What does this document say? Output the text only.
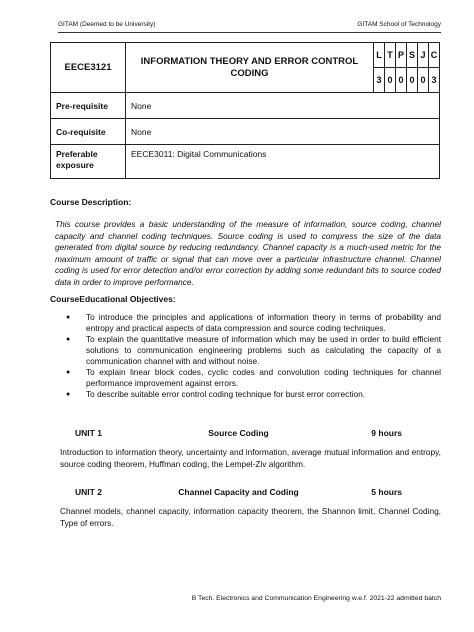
GITAM (Deemed to be University)	GITAM School of Technology
EECE3121	INFORMATION THEORY AND ERROR CONTROL CODING	L	T	P	S	J	C
		3	0	0	0	0	3
Pre-requisite	None						
Co-requisite	None						
Preferable exposure	EECE3011: Digital Communications						
Course Description:
This course provides a basic understanding of the measure of information, source coding, channel capacity and channel coding techniques. Source coding is used to compress the size of the data generated from digital source by reducing redundancy. Channel capacity is a much-used metric for the maximum amount of traffic or signal that can move over a particular infrastructure channel. Channel coding is used for error detection and/or error correction by adding some redundant bits to source coded data in order to improve performance.
CourseEducational Objectives:
● To introduce the principles and applications of information theory in terms of probability and entropy and practical aspects of data compression and source coding techniques.
● To explain the quantitative measure of information which may be used in order to build efficient solutions to communication engineering problems such as calculating the capacity of a communication channel with and without noise.
● To explain linear block codes, cyclic codes and convolution coding techniques for channel performance improvement against errors.
● To describe suitable error control coding technique for burst error correction.
UNIT 1	Source Coding	9 hours
Introduction to information theory, uncertainty and information, average mutual information and entropy, source coding theorem, Huffman coding, the Lempel-Ziv algorithm.
UNIT 2	Channel Capacity and Coding	5 hours
Channel models, channel capacity, information capacity theorem, the Shannon limit, Channel Coding, Type of errors.
B Tech. Electronics and Communication Engineering w.e.f. 2021-22 admitted batch
